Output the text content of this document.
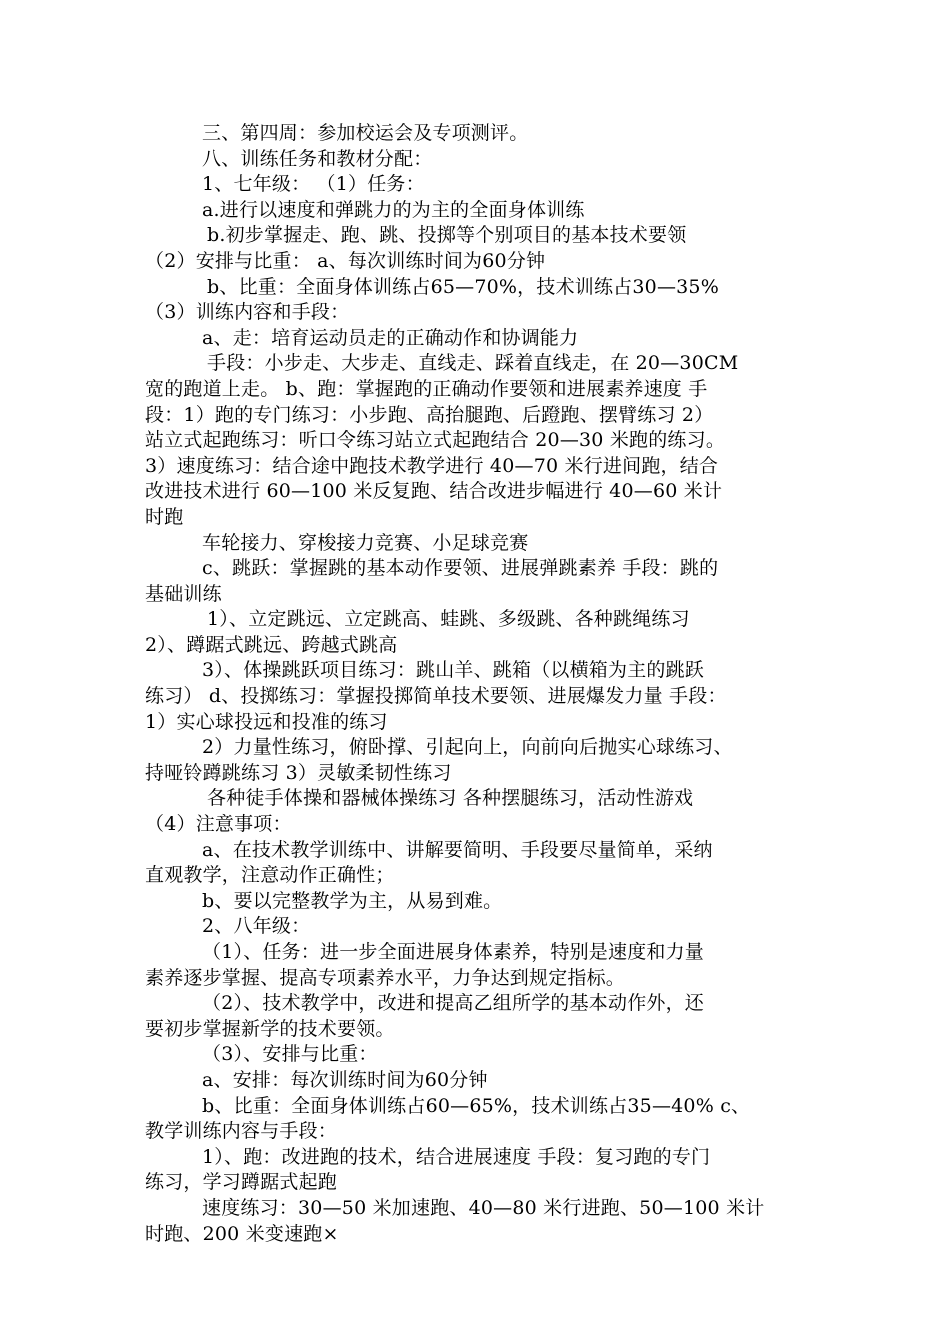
三、第四周：参加校运会及专项测评。
八、训练任务和教材分配：
1、七年级： （1）任务：
a.进行以速度和弹跳力的为主的全面身体训练
b.初步掌握走、跑、跳、投掷等个别项目的基本技术要领
（2）安排与比重： a、每次训练时间为60分钟
b、比重：全面身体训练占65—70%，技术训练占30—35%
（3）训练内容和手段：
a、走：培育运动员走的正确动作和协调能力
手段：小步走、大步走、直线走、踩着直线走，在 20—30CM
宽的跑道上走。 b、跑：掌握跑的正确动作要领和进展素养速度 手
段：1）跑的专门练习：小步跑、高抬腿跑、后蹬跑、摆臂练习 2）
站立式起跑练习：听口令练习站立式起跑结合 20—30 米跑的练习。
3）速度练习：结合途中跑技术教学进行 40—70 米行进间跑，结合
改进技术进行 60—100 米反复跑、结合改进步幅进行 40—60 米计
时跑
车轮接力、穿梭接力竞赛、小足球竞赛
c、跳跃：掌握跳的基本动作要领、进展弹跳素养 手段：跳的
基础训练
1）、立定跳远、立定跳高、蛙跳、多级跳、各种跳绳练习
2）、蹲踞式跳远、跨越式跳高
3）、体操跳跃项目练习：跳山羊、跳箱（以横箱为主的跳跃
练习） d、投掷练习：掌握投掷简单技术要领、进展爆发力量 手段：
1）实心球投远和投准的练习
2）力量性练习，俯卧撑、引起向上，向前向后抛实心球练习、
持哑铃蹲跳练习 3）灵敏柔韧性练习
各种徒手体操和器械体操练习 各种摆腿练习，活动性游戏
（4）注意事项：
a、在技术教学训练中、讲解要简明、手段要尽量简单，采纳
直观教学，注意动作正确性；
b、要以完整教学为主，从易到难。
2、八年级：
（1）、任务：进一步全面进展身体素养，特别是速度和力量
素养逐步掌握、提高专项素养水平，力争达到规定指标。
（2）、技术教学中，改进和提高乙组所学的基本动作外，还
要初步掌握新学的技术要领。
（3）、安排与比重：
a、安排：每次训练时间为60分钟
b、比重：全面身体训练占60—65%，技术训练占35—40% c、
教学训练内容与手段：
1）、跑：改进跑的技术，结合进展速度 手段：复习跑的专门
练习，学习蹲踞式起跑
速度练习：30—50 米加速跑、40—80 米行进跑、50—100 米计
时跑、200 米变速跑×
